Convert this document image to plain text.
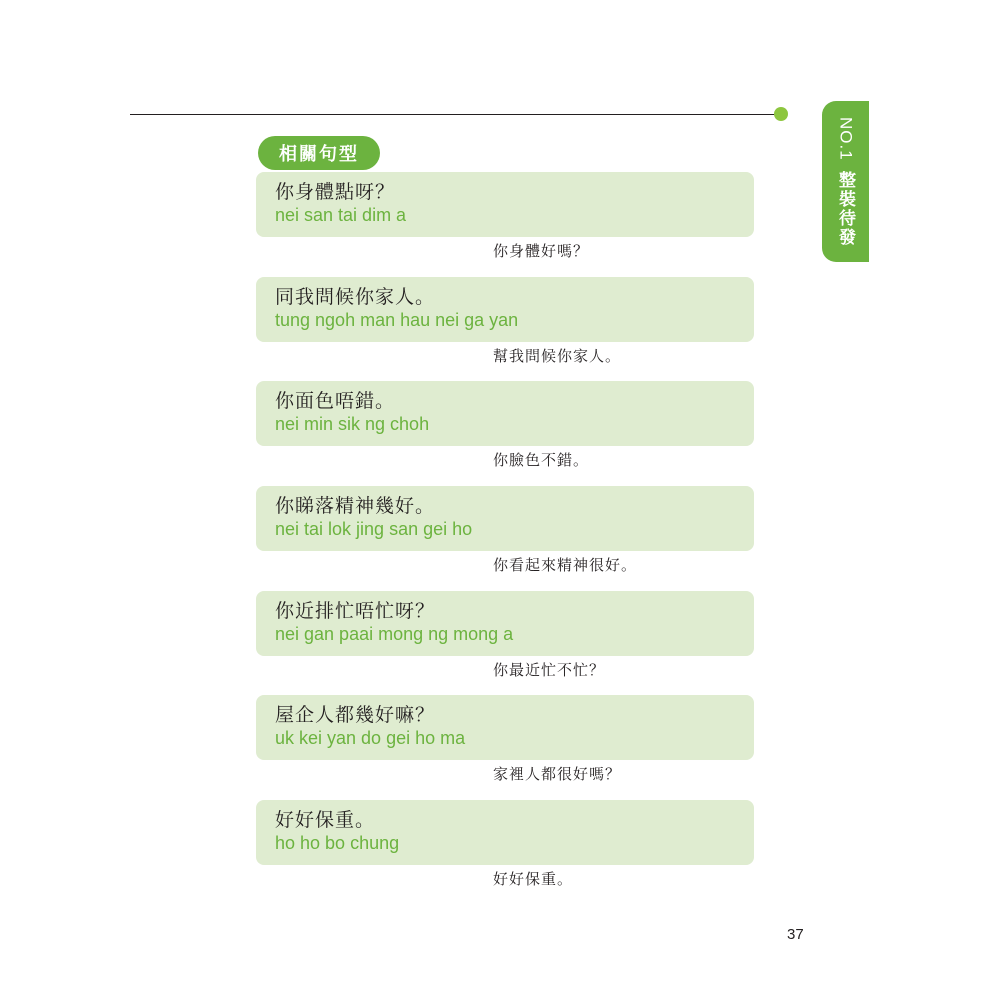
NO.1
整裝待發
相關句型
你身體點呀？
nei san tai dim a
你身體好嗎？
同我問候你家人。
tung ngoh man hau nei ga yan
幫我問候你家人。
你面色唔錯。
nei min sik ng choh
你臉色不錯。
你睇落精神幾好。
nei tai lok jing san gei ho
你看起來精神很好。
你近排忙唔忙呀？
nei gan paai mong ng mong a
你最近忙不忙？
屋企人都幾好嘛？
uk kei yan do gei ho ma
家裡人都很好嗎？
好好保重。
ho ho bo chung
好好保重。
37
